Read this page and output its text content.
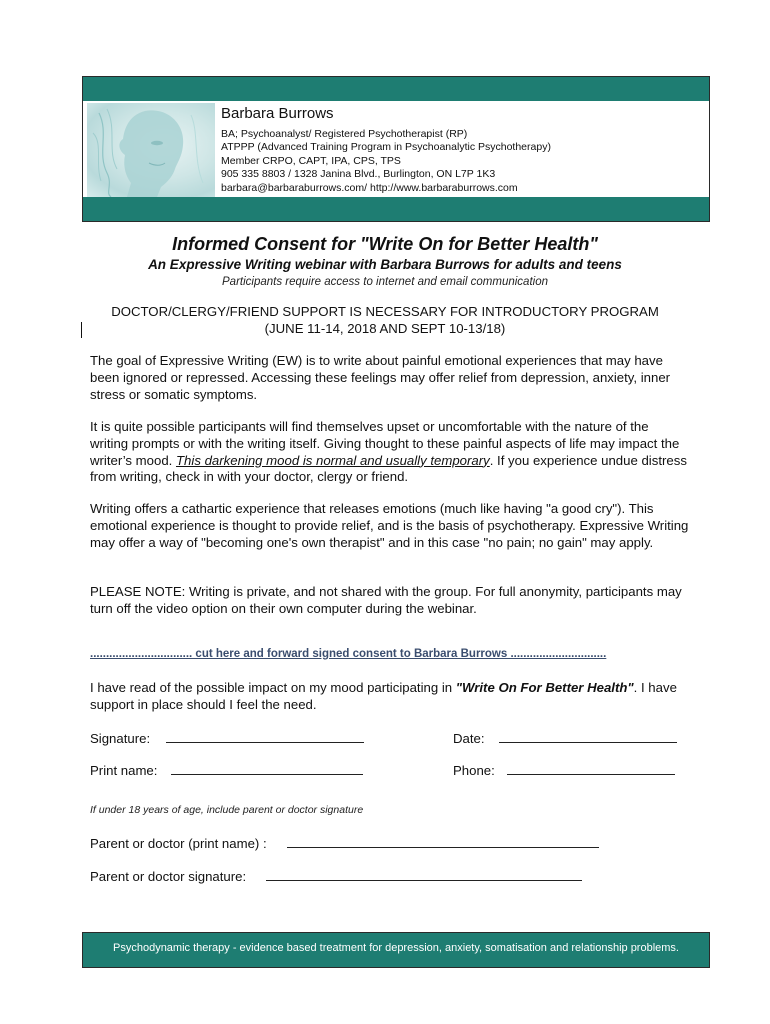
Barbara Burrows
BA; Psychoanalyst/ Registered Psychotherapist (RP)
ATPPP (Advanced Training Program in Psychoanalytic Psychotherapy)
Member CRPO, CAPT, IPA, CPS, TPS
905 335 8803 / 1328 Janina Blvd., Burlington, ON L7P 1K3
barbara@barbaraburrows.com/ http://www.barbaraburrows.com
Informed Consent for "Write On for Better Health"
An Expressive Writing webinar with Barbara Burrows for adults and teens
Participants require access to internet and email communication
DOCTOR/CLERGY/FRIEND SUPPORT IS NECESSARY FOR INTRODUCTORY PROGRAM
(JUNE 11-14, 2018 AND SEPT 10-13/18)

The goal of Expressive Writing (EW) is to write about painful emotional experiences that may have been ignored or repressed. Accessing these feelings may offer relief from depression, anxiety, inner stress or somatic symptoms.

It is quite possible participants will find themselves upset or uncomfortable with the nature of the writing prompts or with the writing itself. Giving thought to these painful aspects of life may impact the writer’s mood. This darkening mood is normal and usually temporary. If you experience undue distress from writing, check in with your doctor, clergy or friend.

Writing offers a cathartic experience that releases emotions (much like having "a good cry"). This emotional experience is thought to provide relief, and is the basis of psychotherapy. Expressive Writing may offer a way of "becoming one's own therapist" and in this case "no pain; no gain" may apply.

PLEASE NOTE: Writing is private, and not shared with the group. For full anonymity, participants may turn off the video option on their own computer during the webinar.

................................ cut here and forward signed consent to Barbara Burrows ..............................
I have read of the possible impact on my mood participating in "Write On For Better Health". I have support in place should I feel the need.
Signature:	Date:
Print name:	Phone:
If under 18 years of age, include parent or doctor signature
Parent or doctor (print name) :
Parent or doctor signature:
Psychodynamic therapy - evidence based treatment for depression, anxiety, somatisation and relationship problems.
